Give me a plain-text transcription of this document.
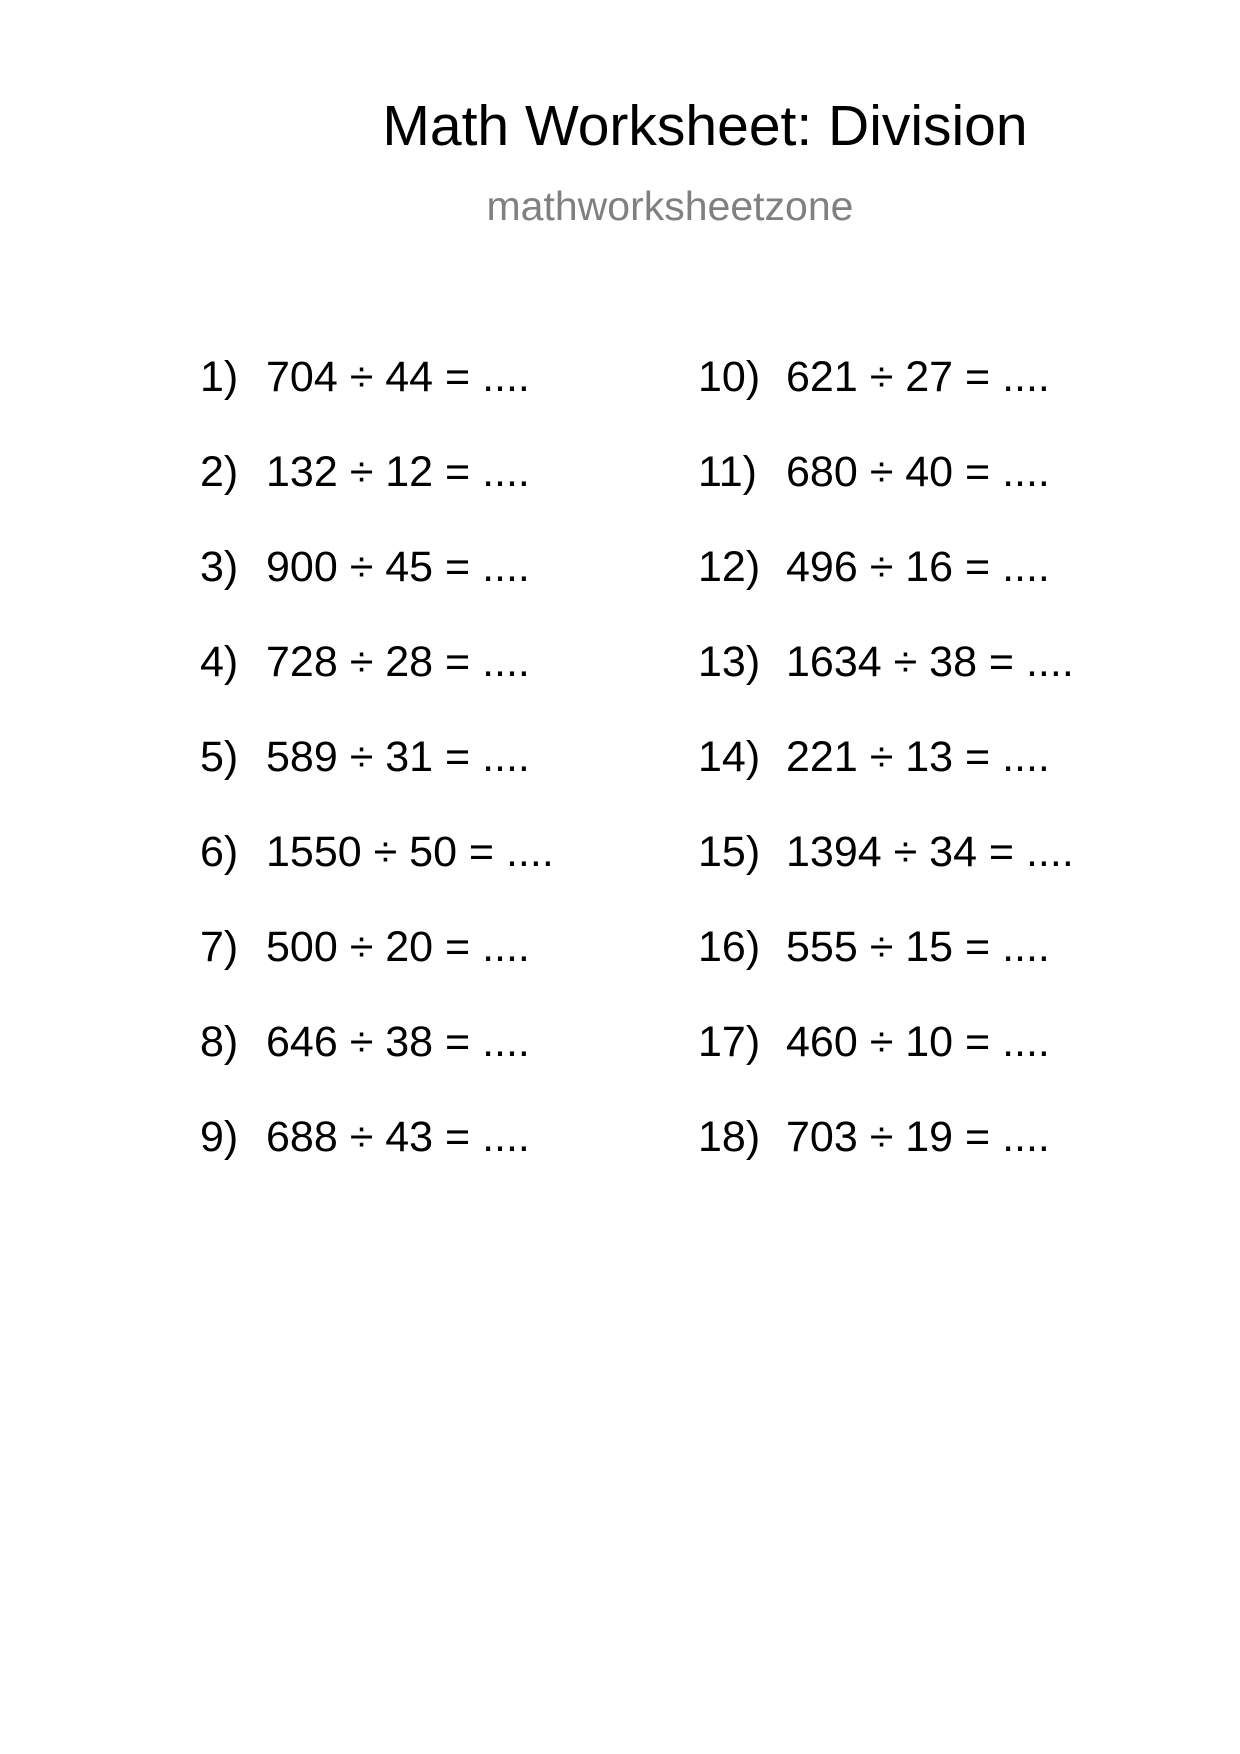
Math Worksheet: Division
mathworksheetzone
1) 704 ÷ 44 = ....
2) 132 ÷ 12 = ....
3) 900 ÷ 45 = ....
4) 728 ÷ 28 = ....
5) 589 ÷ 31 = ....
6) 1550 ÷ 50 = ....
7) 500 ÷ 20 = ....
8) 646 ÷ 38 = ....
9) 688 ÷ 43 = ....
10) 621 ÷ 27 = ....
11) 680 ÷ 40 = ....
12) 496 ÷ 16 = ....
13) 1634 ÷ 38 = ....
14) 221 ÷ 13 = ....
15) 1394 ÷ 34 = ....
16) 555 ÷ 15 = ....
17) 460 ÷ 10 = ....
18) 703 ÷ 19 = ....
